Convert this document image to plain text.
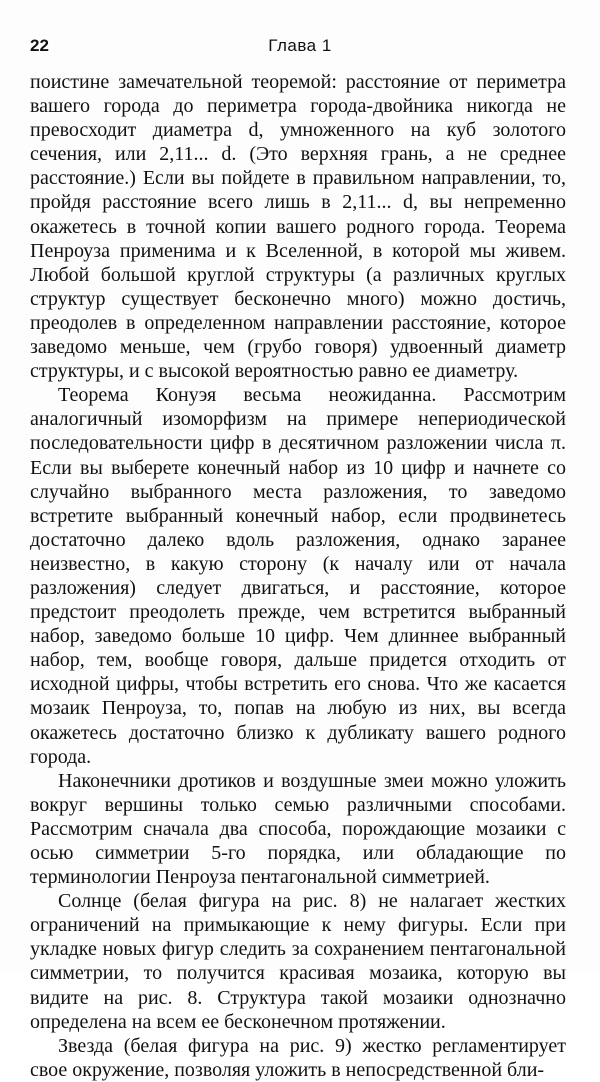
22	Глава 1

поистине замечательной теоремой: расстояние от периметра вашего города до периметра города-двойника никогда не превосходит диаметра d, умноженного на куб золотого сечения, или 2,11... d. (Это верхняя грань, а не среднее расстояние.) Если вы пойдете в правильном направлении, то, пройдя расстояние всего лишь в 2,11... d, вы непременно окажетесь в точной копии вашего родного города. Теорема Пенроуза применима и к Вселенной, в которой мы живем. Любой большой круглой структуры (а различных круглых структур существует бесконечно много) можно достичь, преодолев в определенном направлении расстояние, которое заведомо меньше, чем (грубо говоря) удвоенный диаметр структуры, и с высокой вероятностью равно ее диаметру.

Теорема Конуэя весьма неожиданна. Рассмотрим аналогичный изоморфизм на примере непериодической последовательности цифр в десятичном разложении числа π. Если вы выберете конечный набор из 10 цифр и начнете со случайно выбранного места разложения, то заведомо встретите выбранный конечный набор, если продвинетесь достаточно далеко вдоль разложения, однако заранее неизвестно, в какую сторону (к началу или от начала разложения) следует двигаться, и расстояние, которое предстоит преодолеть прежде, чем встретится выбранный набор, заведомо больше 10 цифр. Чем длиннее выбранный набор, тем, вообще говоря, дальше придется отходить от исходной цифры, чтобы встретить его снова. Что же касается мозаик Пенроуза, то, попав на любую из них, вы всегда окажетесь достаточно близко к дубликату вашего родного города.

Наконечники дротиков и воздушные змеи можно уложить вокруг вершины только семью различными способами. Рассмотрим сначала два способа, порождающие мозаики с осью симметрии 5-го порядка, или обладающие по терминологии Пенроуза пентагональной симметрией.

Солнце (белая фигура на рис. 8) не налагает жестких ограничений на примыкающие к нему фигуры. Если при укладке новых фигур следить за сохранением пентагональной симметрии, то получится красивая мозаика, которую вы видите на рис. 8. Структура такой мозаики однозначно определена на всем ее бесконечном протяжении.

Звезда (белая фигура на рис. 9) жестко регламентирует свое окружение, позволяя уложить в непосредственной бли-
